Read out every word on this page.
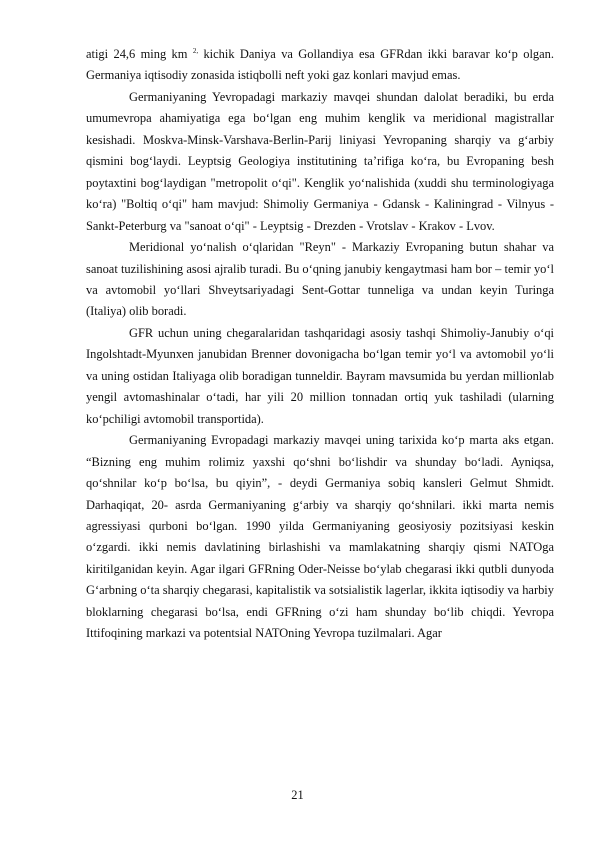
atigi 24,6 ming km $^{2,}$ kichik Daniya va Gollandiya esa GFRdan ikki baravar ko‘p olgan. Germaniya iqtisodiy zonasida istiqbolli neft yoki gaz konlari mavjud emas.

Germaniyaning Yevropadagi markaziy mavqei shundan dalolat beradiki, bu erda umumevropa ahamiyatiga ega bo‘lgan eng muhim kenglik va meridional magistrallar kesishadi. Moskva-Minsk-Varshava-Berlin-Parij liniyasi Yevropaning sharqiy va g‘arbiy qismini bog‘laydi. Leyptsig Geologiya institutining ta’rifiga ko‘ra, bu Evropaning besh poytaxtini bog‘laydigan "metropolit o‘qi". Kenglik yo‘nalishida (xuddi shu terminologiyaga ko‘ra) "Boltiq o‘qi" ham mavjud: Shimoliy Germaniya - Gdansk - Kaliningrad - Vilnyus - Sankt-Peterburg va "sanoat o‘qi" - Leyptsig - Drezden - Vrotslav - Krakov - Lvov.

Meridional yo‘nalish o‘qlaridan "Reyn" - Markaziy Evropaning butun shahar va sanoat tuzilishining asosi ajralib turadi. Bu o‘qning janubiy kengaytmasi ham bor – temir yo‘l va avtomobil yo‘llari Shveytsariyadagi Sent-Gottar tunneliga va undan keyin Turinga (Italiya) olib boradi.

GFR uchun uning chegaralaridan tashqaridagi asosiy tashqi Shimoliy-Janubiy o‘qi Ingolshtadt-Myunxen janubidan Brenner dovonigacha bo‘lgan temir yo‘l va avtomobil yo‘li va uning ostidan Italiyaga olib boradigan tunneldir. Bayram mavsumida bu yerdan millionlab yengil avtomashinalar o‘tadi, har yili 20 million tonnadan ortiq yuk tashiladi (ularning ko‘pchiligi avtomobil transportida).

Germaniyaning Evropadagi markaziy mavqei uning tarixida ko‘p marta aks etgan. “Bizning eng muhim rolimiz yaxshi qo‘shni bo‘lishdir va shunday bo‘ladi. Ayniqsa, qo‘shnilar ko‘p bo‘lsa, bu qiyin”, - deydi Germaniya sobiq kansleri Gelmut Shmidt. Darhaqiqat, 20- asrda Germaniyaning g‘arbiy va sharqiy qo‘shnilari. ikki marta nemis agressiyasi qurboni bo‘lgan. 1990 yilda Germaniyaning geosiyosiy pozitsiyasi keskin o‘zgardi. ikki nemis davlatining birlashishi va mamlakatning sharqiy qismi NATOga kiritilganidan keyin. Agar ilgari GFRning Oder-Neisse bo‘ylab chegarasi ikki qutbli dunyoda G‘arbning o‘ta sharqiy chegarasi, kapitalistik va sotsialistik lagerlar, ikkita iqtisodiy va harbiy bloklarning chegarasi bo‘lsa, endi GFRning o‘zi ham shunday bo‘lib chiqdi. Yevropa Ittifoqining markazi va potentsial NATOning Yevropa tuzilmalari. Agar

21
